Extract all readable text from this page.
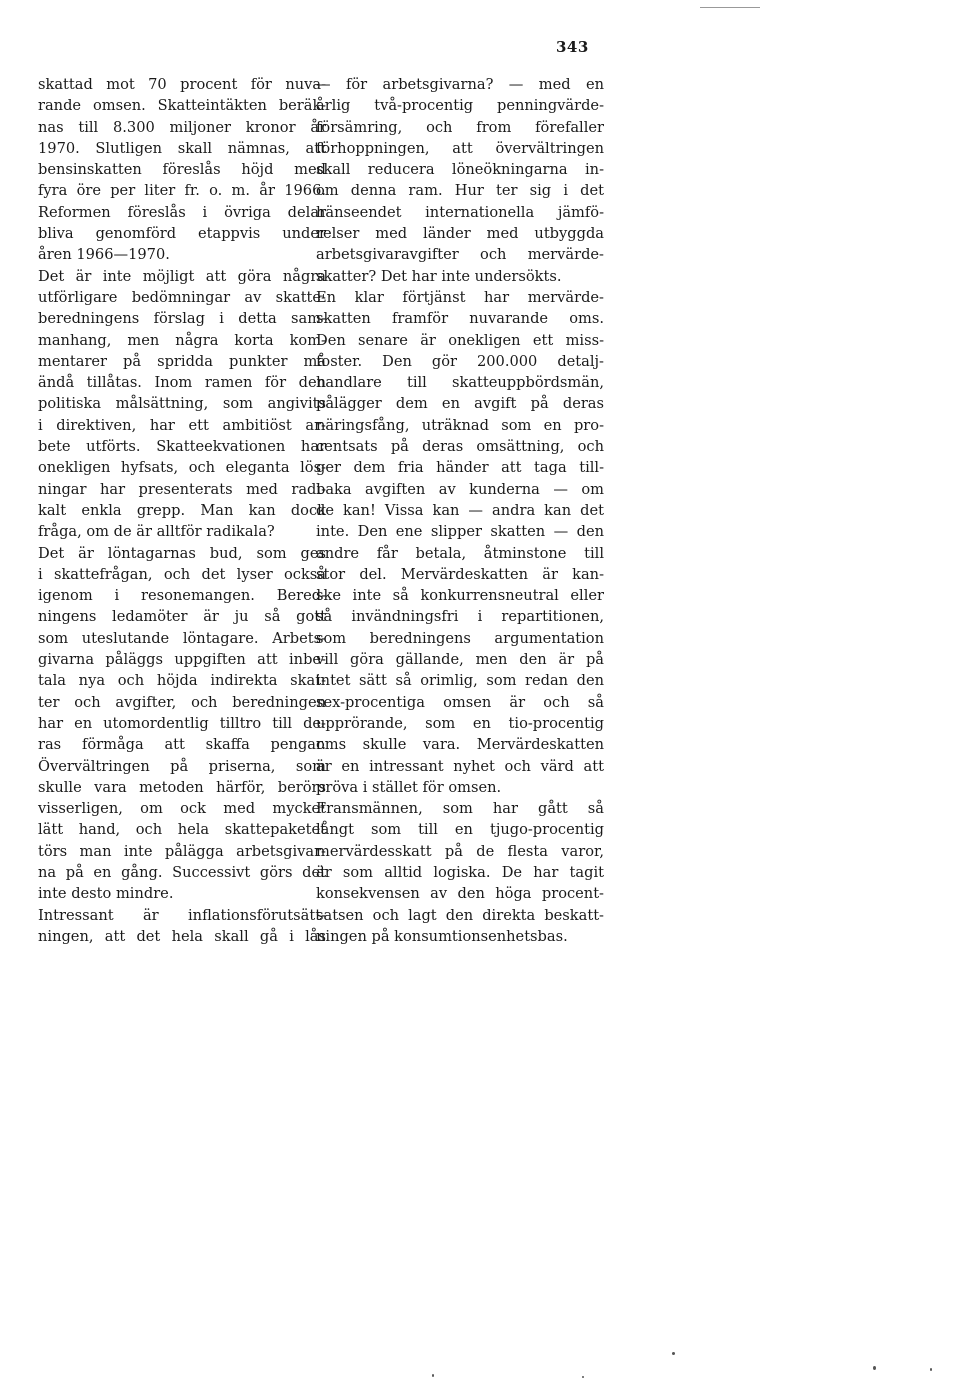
343

skattad mot 70 procent för nuva-
rande omsen. Skatteintäkten beräk-
nas till 8.300 miljoner kronor år
1970. Slutligen skall nämnas, att
bensinskatten föreslås höjd med
fyra öre per liter fr. o. m. år 1966.
Reformen föreslås i övriga delar
bliva genomförd etappvis under
åren 1966—1970.

Det är inte möjligt att göra några
utförligare bedömningar av skatte-
beredningens förslag i detta sam-
manhang, men några korta kom-
mentarer på spridda punkter må
ändå tillåtas. Inom ramen för den
politiska målsättning, som angivits
i direktiven, har ett ambitiöst ar-
bete utförts. Skatteekvationen har
onekligen hyfsats, och eleganta lös-
ningar har presenterats med radi-
kalt enkla grepp. Man kan dock
fråga, om de är alltför radikala?

Det är löntagarnas bud, som ges
i skattefrågan, och det lyser också
igenom i resonemangen. Bered-
ningens ledamöter är ju så gott
som uteslutande löntagare. Arbets-
givarna påläggs uppgiften att inbe-
tala nya och höjda indirekta skat-
ter och avgifter, och beredningen
har en utomordentlig tilltro till de-
ras förmåga att skaffa pengar.
Övervältringen på priserna, som
skulle vara metoden härför, berörs
visserligen, om ock med mycket
lätt hand, och hela skattepaketet
törs man inte pålägga arbetsgivar-
na på en gång. Successivt görs det
inte desto mindre.

Intressant är inflationsförutsätt-
ningen, att det hela skall gå i lås

— för arbetsgivarna? — med en
årlig två-procentig penningvärde-
försämring, och from förefaller
förhoppningen, att övervältringen
skall reducera löneökningarna in-
om denna ram. Hur ter sig i det
hänseendet internationella jämfö-
relser med länder med utbyggda
arbetsgivaravgifter och mervärde-
skatter? Det har inte undersökts.

En klar förtjänst har mervärde-
skatten framför nuvarande oms.
Den senare är onekligen ett miss-
foster. Den gör 200.000 detalj-
handlare till skatteuppbördsmän,
pålägger dem en avgift på deras
näringsfång, uträknad som en pro-
centsats på deras omsättning, och
ger dem fria händer att taga till-
baka avgiften av kunderna — om
de kan! Vissa kan — andra kan det
inte. Den ene slipper skatten — den
andre får betala, åtminstone till
stor del. Mervärdeskatten är kan-
ske inte så konkurrensneutral eller
så invändningsfri i repartitionen,
som beredningens argumentation
vill göra gällande, men den är på
intet sätt så orimlig, som redan den
sex-procentiga omsen är och så
upprörande, som en tio-procentig
oms skulle vara. Mervärdeskatten
är en intressant nyhet och värd att
pröva i stället för omsen.

Fransmännen, som har gått så
långt som till en tjugo-procentig
mervärdesskatt på de flesta varor,
är som alltid logiska. De har tagit
konsekvensen av den höga procent-
satsen och lagt den direkta beskatt-
ningen på konsumtionsenhetsbas.
